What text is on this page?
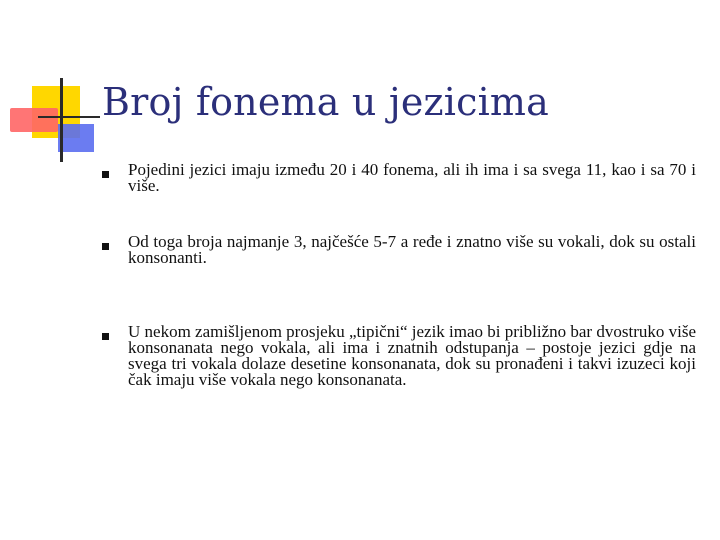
Broj fonema u jezicima
Pojedini jezici imaju između 20 i 40 fonema, ali ih ima i sa svega 11, kao i sa 70 i više.
Od toga broja najmanje 3, najčešće 5-7 a ređe i znatno više su vokali, dok su ostali konsonanti.
U nekom zamišljenom prosjeku „tipični“ jezik imao bi približno bar dvostruko više konsonanata nego vokala, ali ima i znatnih odstupanja – postoje jezici gdje na svega tri vokala dolaze desetine konsonanata, dok su pronađeni i takvi izuzeci koji čak imaju više vokala nego konsonanata.
